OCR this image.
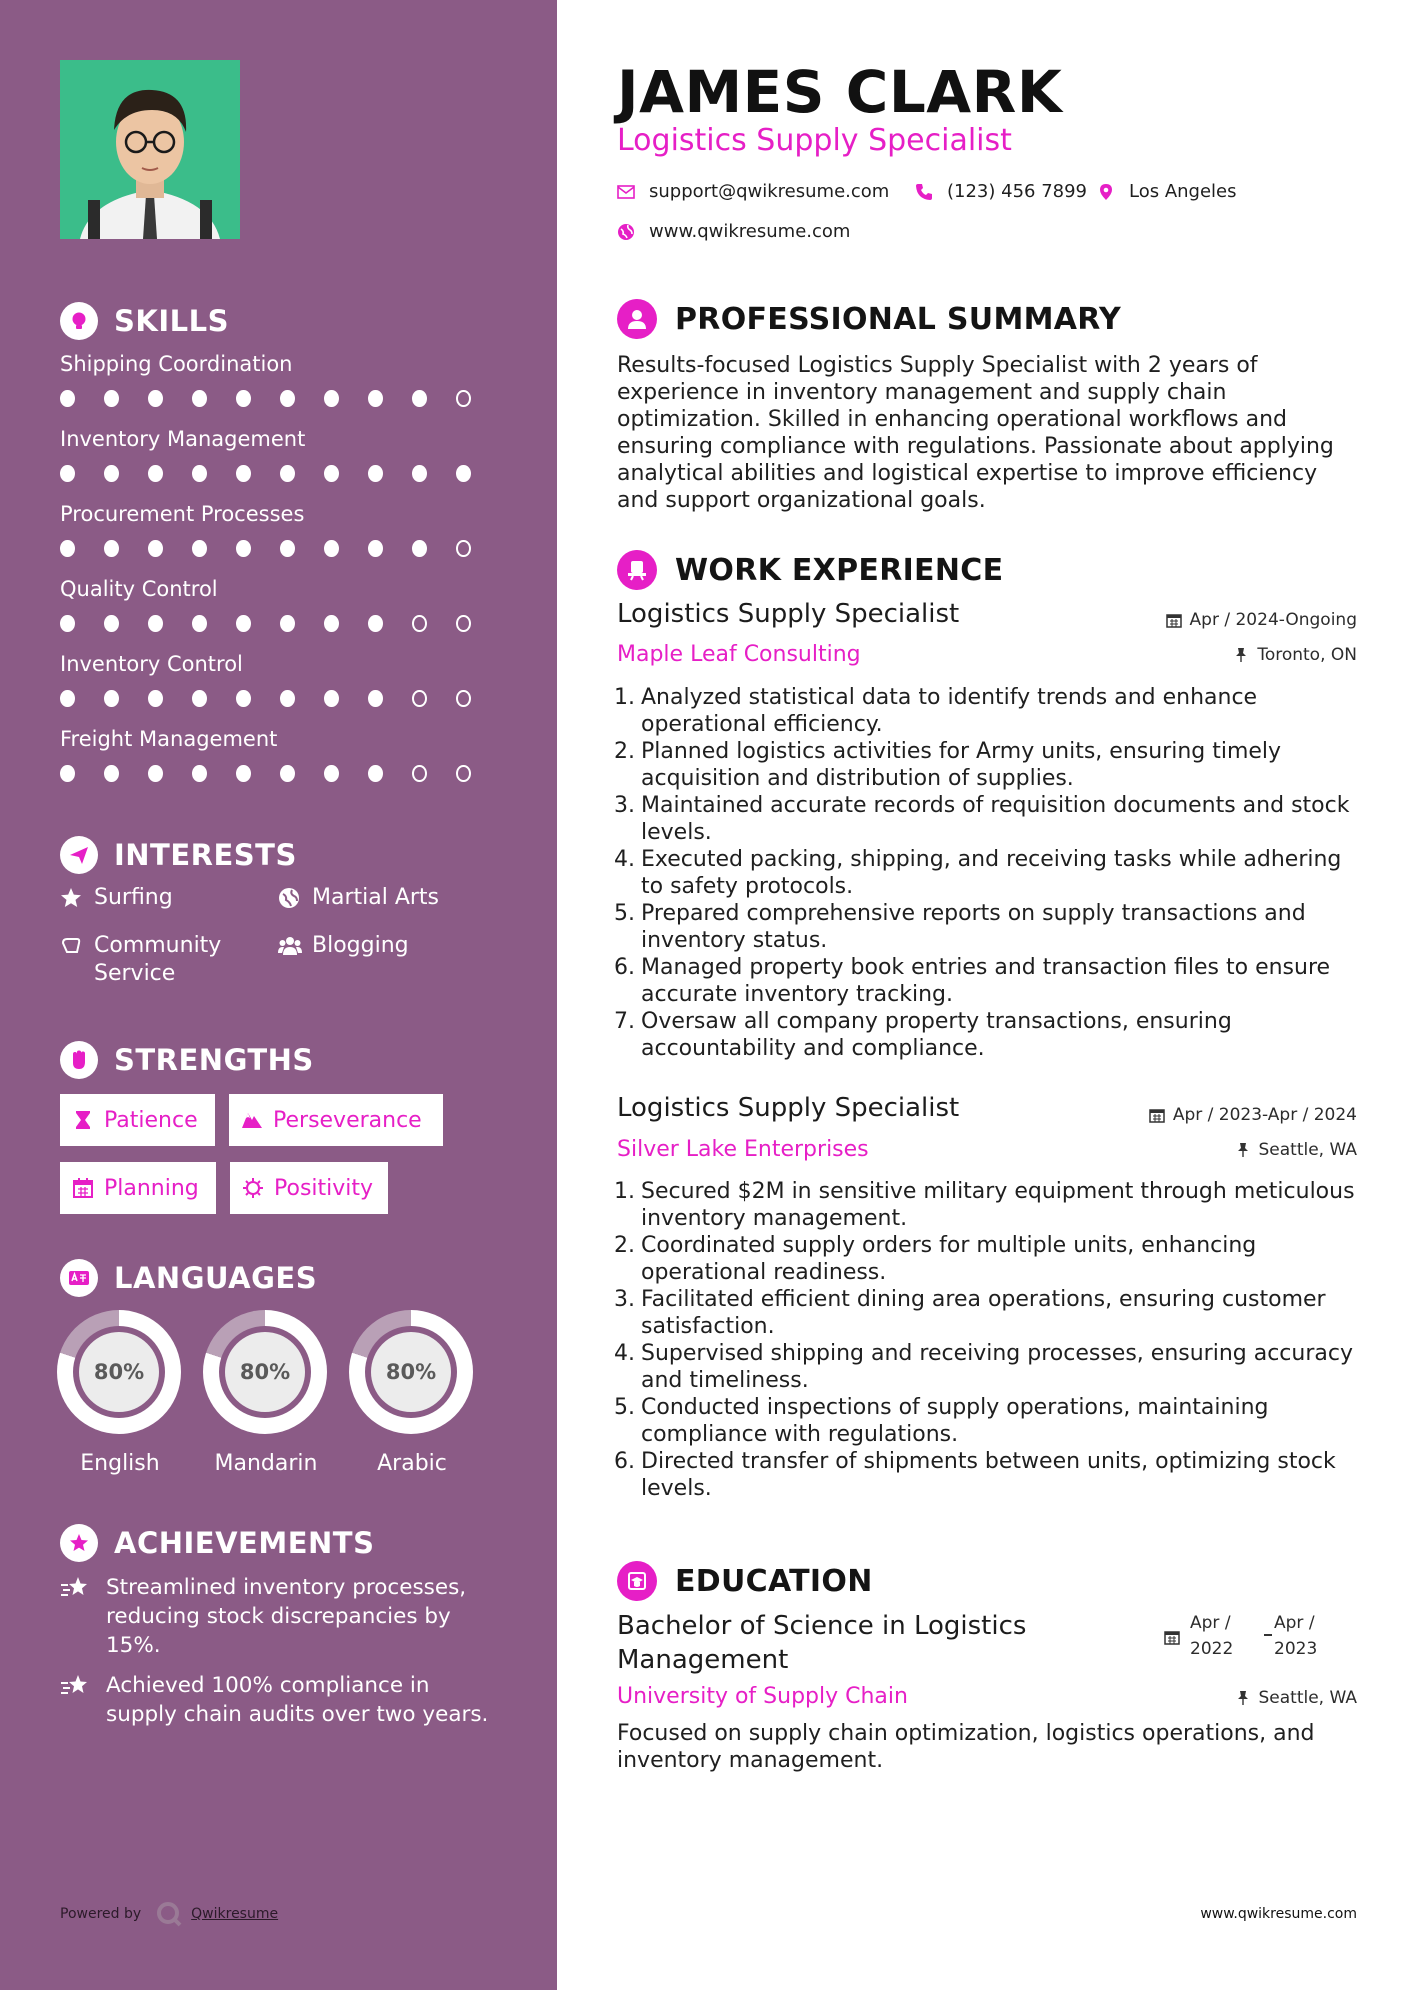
SKILLS
Shipping Coordination
Inventory Management
Procurement Processes
Quality Control
Inventory Control
Freight Management
INTERESTS
Surfing	Martial Arts
Community Service
Blogging
STRENGTHS
Patience	Perseverance
Planning	Positivity
LANGUAGES
80%
English
80%
Mandarin
80%
Arabic
ACHIEVEMENTS
Streamlined inventory processes, reducing stock discrepancies by 15%.
Achieved 100% compliance in supply chain audits over two years.
Powered by	Qwikresume
JAMES CLARK
Logistics Supply Specialist
support@qwikresume.com	(123) 456 7899 Los Angeles
www.qwikresume.com
PROFESSIONAL SUMMARY
Results-focused Logistics Supply Specialist with 2 years of experience in inventory management and supply chain optimization. Skilled in enhancing operational workflows and ensuring compliance with regulations. Passionate about applying analytical abilities and logistical expertise to improve efficiency and support organizational goals.
WORK EXPERIENCE
Logistics Supply Specialist	Apr / 2024-Ongoing
Maple Leaf Consulting	Toronto, ON
1. Analyzed statistical data to identify trends and enhance operational efficiency.
2. Planned logistics activities for Army units, ensuring timely acquisition and distribution of supplies.
3. Maintained accurate records of requisition documents and stock levels.
4. Executed packing, shipping, and receiving tasks while adhering to safety protocols.
5. Prepared comprehensive reports on supply transactions and inventory status.
6. Managed property book entries and transaction files to ensure accurate inventory tracking.
7. Oversaw all company property transactions, ensuring accountability and compliance.
Logistics Supply Specialist	Apr / 2023-Apr / 2024
Silver Lake Enterprises	Seattle, WA
1. Secured $2M in sensitive military equipment through meticulous inventory management.
2. Coordinated supply orders for multiple units, enhancing operational readiness.
3. Facilitated efficient dining area operations, ensuring customer satisfaction.
4. Supervised shipping and receiving processes, ensuring accuracy and timeliness.
5. Conducted inspections of supply operations, maintaining compliance with regulations.
6. Directed transfer of shipments between units, optimizing stock levels.
EDUCATION
Bachelor of Science in Logistics Management
Apr / 2022
Apr / 2023
University of Supply Chain	Seattle, WA
Focused on supply chain optimization, logistics operations, and inventory management.
www.qwikresume.com
